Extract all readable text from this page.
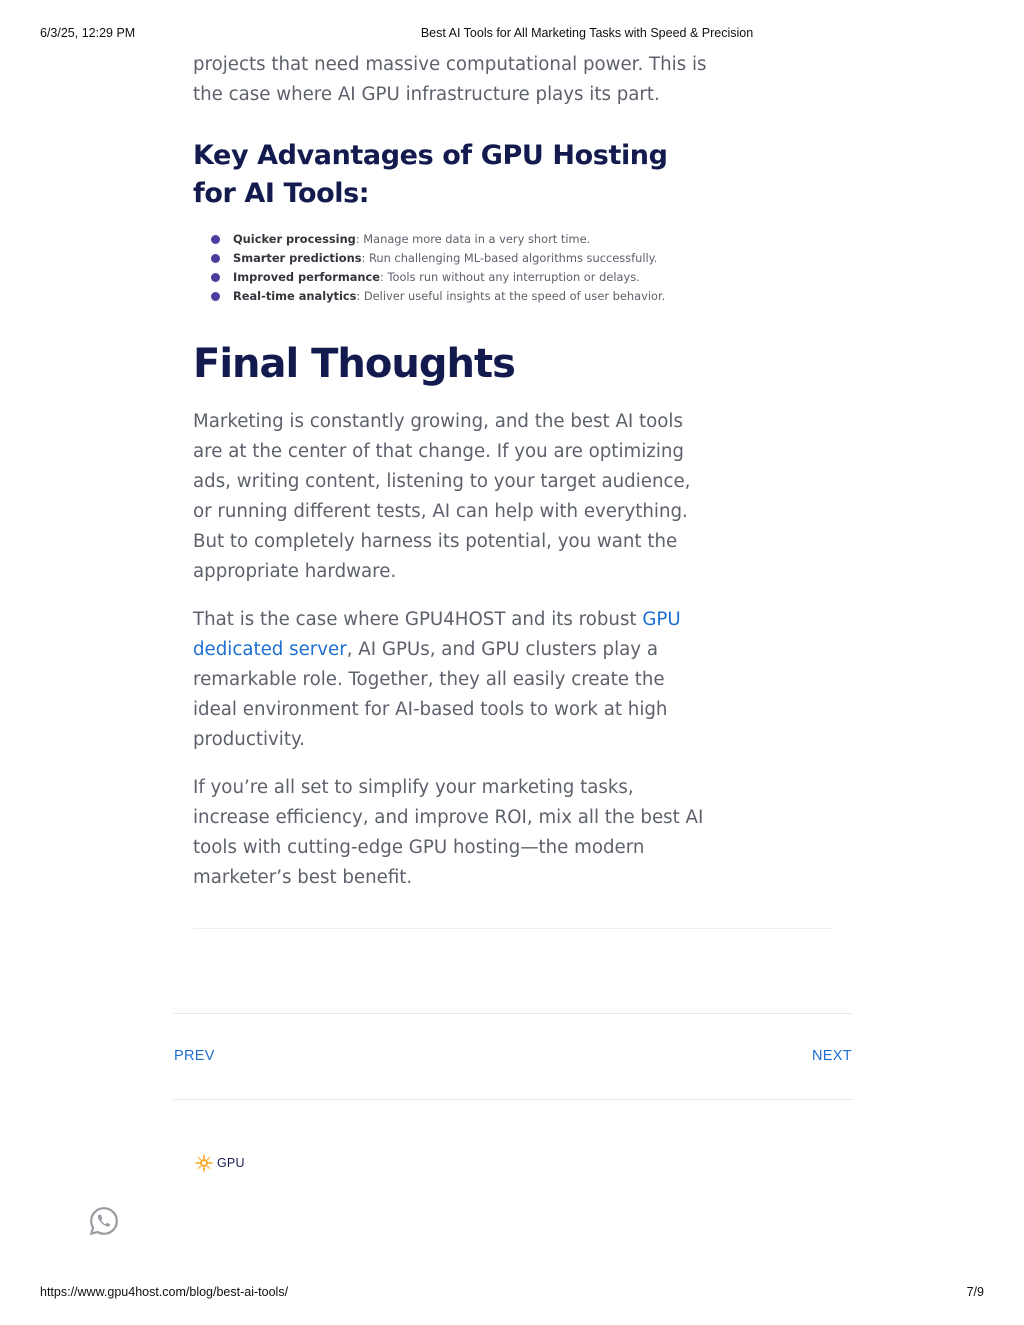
6/3/25, 12:29 PM	Best AI Tools for All Marketing Tasks with Speed & Precision

projects that need massive computational power. This is the case where AI GPU infrastructure plays its part.

Key Advantages of GPU Hosting for AI Tools:
Quicker processing: Manage more data in a very short time.
Smarter predictions: Run challenging ML-based algorithms successfully.
Improved performance: Tools run without any interruption or delays.
Real-time analytics: Deliver useful insights at the speed of user behavior.
Final Thoughts

Marketing is constantly growing, and the best AI tools are at the center of that change. If you are optimizing ads, writing content, listening to your target audience, or running different tests, AI can help with everything. But to completely harness its potential, you want the appropriate hardware.

That is the case where GPU4HOST and its robust GPU dedicated server, AI GPUs, and GPU clusters play a remarkable role. Together, they all easily create the ideal environment for AI-based tools to work at high productivity.

If you’re all set to simplify your marketing tasks, increase efficiency, and improve ROI, mix all the best AI tools with cutting-edge GPU hosting—the modern marketer’s best benefit.

PREV	NEXT
GPU
https://www.gpu4host.com/blog/best-ai-tools/	7/9
